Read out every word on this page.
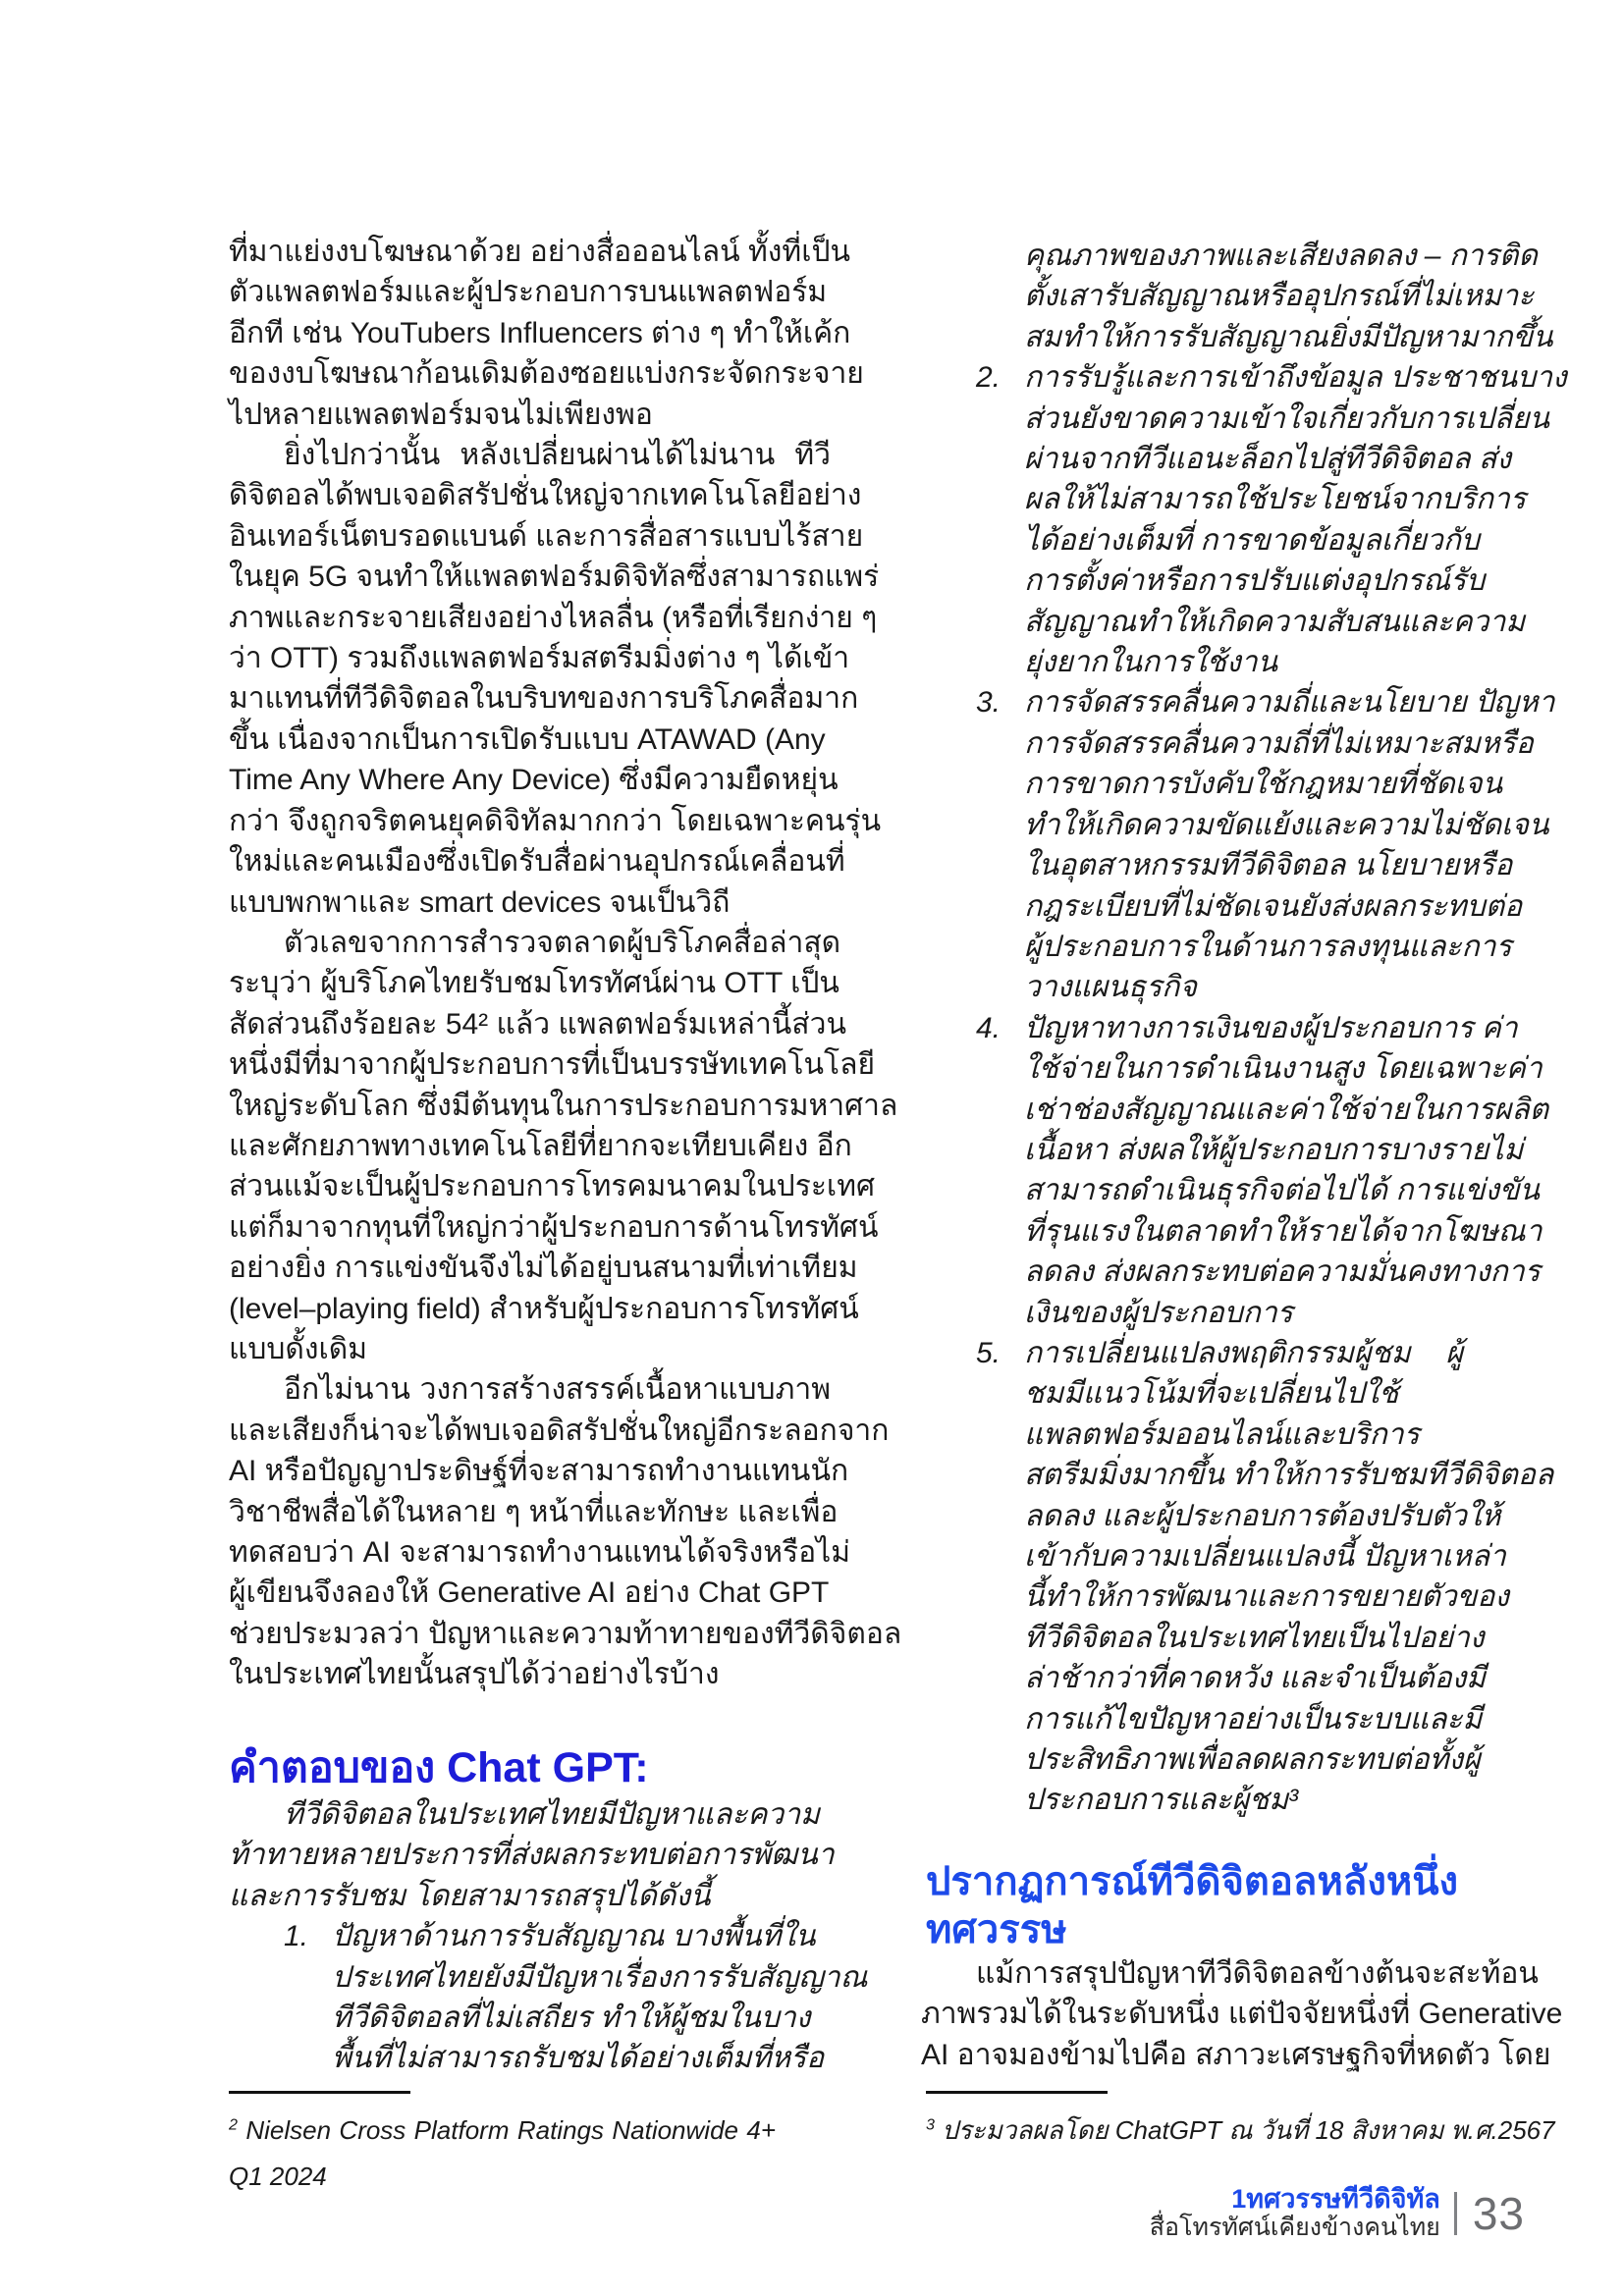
ที่มาแย่งงบโฆษณาด้วย อย่างสื่อออนไลน์ ทั้งที่เป็น
ตัวแพลตฟอร์มและผู้ประกอบการบนแพลตฟอร์ม
อีกที เช่น YouTubers Influencers ต่าง ๆ ทำให้เค้ก
ของงบโฆษณาก้อนเดิมต้องซอยแบ่งกระจัดกระจาย
ไปหลายแพลตฟอร์มจนไม่เพียงพอ
ยิ่งไปกว่านั้น หลังเปลี่ยนผ่านได้ไม่นาน ทีวี
ดิจิตอลได้พบเจอดิสรัปชั่นใหญ่จากเทคโนโลยีอย่าง
อินเทอร์เน็ตบรอดแบนด์ และการสื่อสารแบบไร้สาย
ในยุค 5G จนทำให้แพลตฟอร์มดิจิทัลซึ่งสามารถแพร่
ภาพและกระจายเสียงอย่างไหลลื่น (หรือที่เรียกง่าย ๆ
ว่า OTT) รวมถึงแพลตฟอร์มสตรีมมิ่งต่าง ๆ ได้เข้า
มาแทนที่ทีวีดิจิตอลในบริบทของการบริโภคสื่อมาก
ขึ้น เนื่องจากเป็นการเปิดรับแบบ ATAWAD (Any
Time Any Where Any Device) ซึ่งมีความยืดหยุ่น
กว่า จึงถูกจริตคนยุคดิจิทัลมากกว่า โดยเฉพาะคนรุ่น
ใหม่และคนเมืองซึ่งเปิดรับสื่อผ่านอุปกรณ์เคลื่อนที่
แบบพกพาและ smart devices จนเป็นวิถี
ตัวเลขจากการสำรวจตลาดผู้บริโภคสื่อล่าสุด
ระบุว่า ผู้บริโภคไทยรับชมโทรทัศน์ผ่าน OTT เป็น
สัดส่วนถึงร้อยละ 54² แล้ว แพลตฟอร์มเหล่านี้ส่วน
หนึ่งมีที่มาจากผู้ประกอบการที่เป็นบรรษัทเทคโนโลยี
ใหญ่ระดับโลก ซึ่งมีต้นทุนในการประกอบการมหาศาล
และศักยภาพทางเทคโนโลยีที่ยากจะเทียบเคียง อีก
ส่วนแม้จะเป็นผู้ประกอบการโทรคมนาคมในประเทศ
แต่ก็มาจากทุนที่ใหญ่กว่าผู้ประกอบการด้านโทรทัศน์
อย่างยิ่ง การแข่งขันจึงไม่ได้อยู่บนสนามที่เท่าเทียม
(level–playing field) สำหรับผู้ประกอบการโทรทัศน์
แบบดั้งเดิม
อีกไม่นาน วงการสร้างสรรค์เนื้อหาแบบภาพ
และเสียงก็น่าจะได้พบเจอดิสรัปชั่นใหญ่อีกระลอกจาก
AI หรือปัญญาประดิษฐ์ที่จะสามารถทำงานแทนนัก
วิชาชีพสื่อได้ในหลาย ๆ หน้าที่และทักษะ และเพื่อ
ทดสอบว่า AI จะสามารถทำงานแทนได้จริงหรือไม่
ผู้เขียนจึงลองให้ Generative AI อย่าง Chat GPT
ช่วยประมวลว่า ปัญหาและความท้าทายของทีวีดิจิตอล
ในประเทศไทยนั้นสรุปได้ว่าอย่างไรบ้าง
คำตอบของ Chat GPT:
ทีวีดิจิตอลในประเทศไทยมีปัญหาและความ
ท้าทายหลายประการที่ส่งผลกระทบต่อการพัฒนา
และการรับชม โดยสามารถสรุปได้ดังนี้
1. ปัญหาด้านการรับสัญญาณ บางพื้นที่ใน
ประเทศไทยยังมีปัญหาเรื่องการรับสัญญาณ
ทีวีดิจิตอลที่ไม่เสถียร ทำให้ผู้ชมในบาง
พื้นที่ไม่สามารถรับชมได้อย่างเต็มที่หรือ
$^2$ Nielsen Cross Platform Ratings Nationwide 4+
Q1 2024
คุณภาพของภาพและเสียงลดลง – การติด
ตั้งเสารับสัญญาณหรืออุปกรณ์ที่ไม่เหมาะ
สมทำให้การรับสัญญาณยิ่งมีปัญหามากขึ้น
2. การรับรู้และการเข้าถึงข้อมูล ประชาชนบาง
ส่วนยังขาดความเข้าใจเกี่ยวกับการเปลี่ยน
ผ่านจากทีวีแอนะล็อกไปสู่ทีวีดิจิตอล ส่ง
ผลให้ไม่สามารถใช้ประโยชน์จากบริการ
ได้อย่างเต็มที่ การขาดข้อมูลเกี่ยวกับ
การตั้งค่าหรือการปรับแต่งอุปกรณ์รับ
สัญญาณทำให้เกิดความสับสนและความ
ยุ่งยากในการใช้งาน
3. การจัดสรรคลื่นความถี่และนโยบาย ปัญหา
การจัดสรรคลื่นความถี่ที่ไม่เหมาะสมหรือ
การขาดการบังคับใช้กฎหมายที่ชัดเจน
ทำให้เกิดความขัดแย้งและความไม่ชัดเจน
ในอุตสาหกรรมทีวีดิจิตอล นโยบายหรือ
กฎระเบียบที่ไม่ชัดเจนยังส่งผลกระทบต่อ
ผู้ประกอบการในด้านการลงทุนและการ
วางแผนธุรกิจ
4. ปัญหาทางการเงินของผู้ประกอบการ ค่า
ใช้จ่ายในการดำเนินงานสูง โดยเฉพาะค่า
เช่าช่องสัญญาณและค่าใช้จ่ายในการผลิต
เนื้อหา ส่งผลให้ผู้ประกอบการบางรายไม่
สามารถดำเนินธุรกิจต่อไปได้ การแข่งขัน
ที่รุนแรงในตลาดทำให้รายได้จากโฆษณา
ลดลง ส่งผลกระทบต่อความมั่นคงทางการ
เงินของผู้ประกอบการ
5. การเปลี่ยนแปลงพฤติกรรมผู้ชม ผู้
ชมมีแนวโน้มที่จะเปลี่ยนไปใช้
แพลตฟอร์มออนไลน์และบริการ
สตรีมมิ่งมากขึ้น ทำให้การรับชมทีวีดิจิตอล
ลดลง และผู้ประกอบการต้องปรับตัวให้
เข้ากับความเปลี่ยนแปลงนี้ ปัญหาเหล่า
นี้ทำให้การพัฒนาและการขยายตัวของ
ทีวีดิจิตอลในประเทศไทยเป็นไปอย่าง
ล่าช้ากว่าที่คาดหวัง และจำเป็นต้องมี
การแก้ไขปัญหาอย่างเป็นระบบและมี
ประสิทธิภาพเพื่อลดผลกระทบต่อทั้งผู้
ประกอบการและผู้ชม³
ปรากฏการณ์ทีวีดิจิตอลหลังหนึ่ง
ทศวรรษ
แม้การสรุปปัญหาทีวีดิจิตอลข้างต้นจะสะท้อน
ภาพรวมได้ในระดับหนึ่ง แต่ปัจจัยหนึ่งที่ Generative
AI อาจมองข้ามไปคือ สภาวะเศรษฐกิจที่หดตัว โดย
$^3$ ประมวลผลโดย ChatGPT ณ วันที่ 18 สิงหาคม พ.ศ.2567
1ทศวรรษทีวีดิจิทัล
สื่อโทรทัศน์เคียงข้างคนไทย 33
